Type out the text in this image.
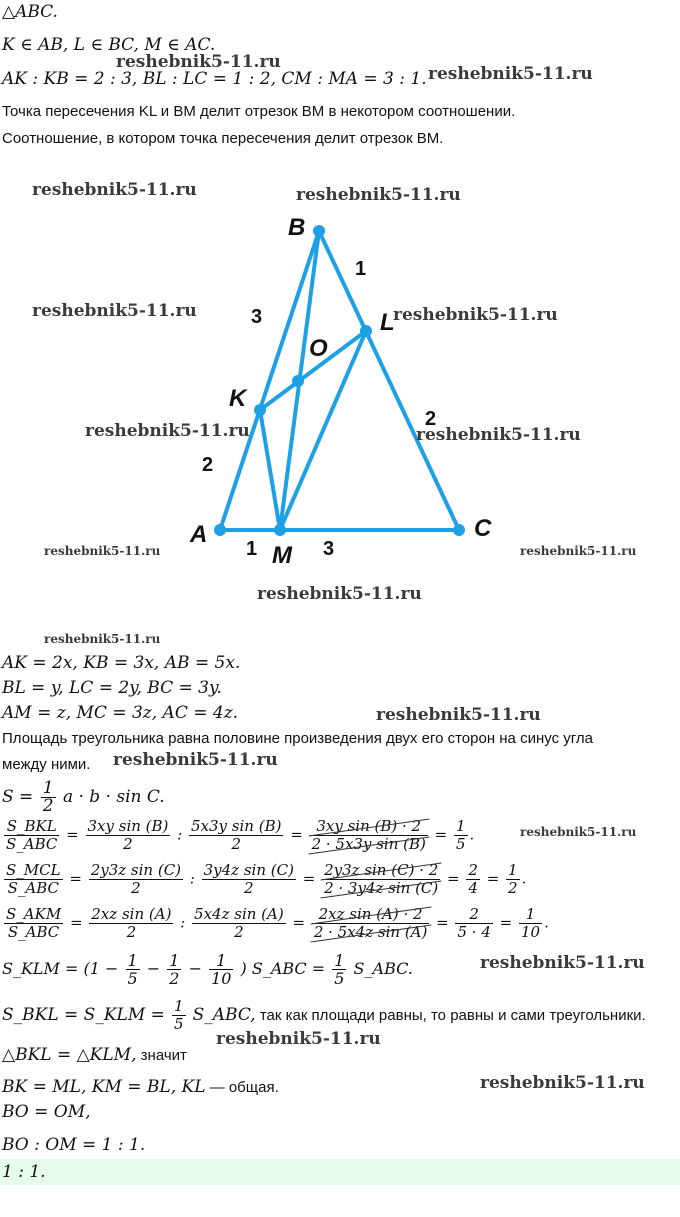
△ABC.
K ∈ AB, L ∈ BC, M ∈ AC.
AK : KB = 2 : 3, BL : LC = 1 : 2, CM : MA = 3 : 1.
Точка пересечения KL и BM делит отрезок BM в некотором соотношении.
Соотношение, в котором точка пересечения делит отрезок BM.
B
L
O
K
A
M
C
1
3
2
2
1	3
AK = 2x, KB = 3x, AB = 5x.
BL = y, LC = 2y, BC = 3y.
AM = z, MC = 3z, AC = 4z.
Площадь треугольника равна половине произведения двух его сторон на синус угла
между ними.
$S = \frac{1}{2}$ a · b · sin C.
$\frac{\text{S\_BKL}}{\text{S\_ABC}} = \frac{\text{3xy sin (B)}}{2}$ : $\frac{\text{5x3y sin (B)}}{2} = \frac{\text{3xy sin (B) · 2}}{\text{2 · 5x3y sin (B)}} = \frac{1}{5}$ .
$\frac{\text{S\_MCL}}{\text{S\_ABC}} = \frac{\text{2y3z sin (C)}}{2}$ : $\frac{\text{3y4z sin (C)}}{2} = \frac{\text{2y3z sin (C) · 2}}{\text{2 · 3y4z sin (C)}} = \frac{2}{4} = \frac{1}{2}$ .
$\frac{\text{S\_AKM}}{\text{S\_ABC}} = \frac{\text{2xz sin (A)}}{2}$ : $\frac{\text{5x4z sin (A)}}{2} = \frac{\text{2xz sin (A) · 2}}{\text{2 · 5x4z sin (A)}} = \frac{2}{5 \cdot 4} = \frac{1}{10}$ .
S_KLM = ($1 - \frac{1}{5} - \frac{1}{2} - \frac{1}{10}$ ) S_ABC = $\frac{1}{5}$ S_ABC.
S_BKL = S_KLM = $\frac{1}{5}$ S_ABC, так как площади равны, то равны и сами треугольники.
△BKL = △KLM, значит
BK = ML, KM = BL, KL — общая.
BO = OM,
BO : OM = 1 : 1.
1 : 1.
reshebnik5-11.ru
reshebnik5-11.ru
reshebnik5-11.ru	reshebnik5-11.ru
reshebnik5-11.ru	reshebnik5-11.ru
reshebnik5-11.ru	reshebnik5-11.ru
reshebnik5-11.ru	reshebnik5-11.ru
reshebnik5-11.ru
reshebnik5-11.ru
reshebnik5-11.ru
reshebnik5-11.ru
reshebnik5-11.ru
reshebnik5-11.ru
reshebnik5-11.ru
reshebnik5-11.ru
